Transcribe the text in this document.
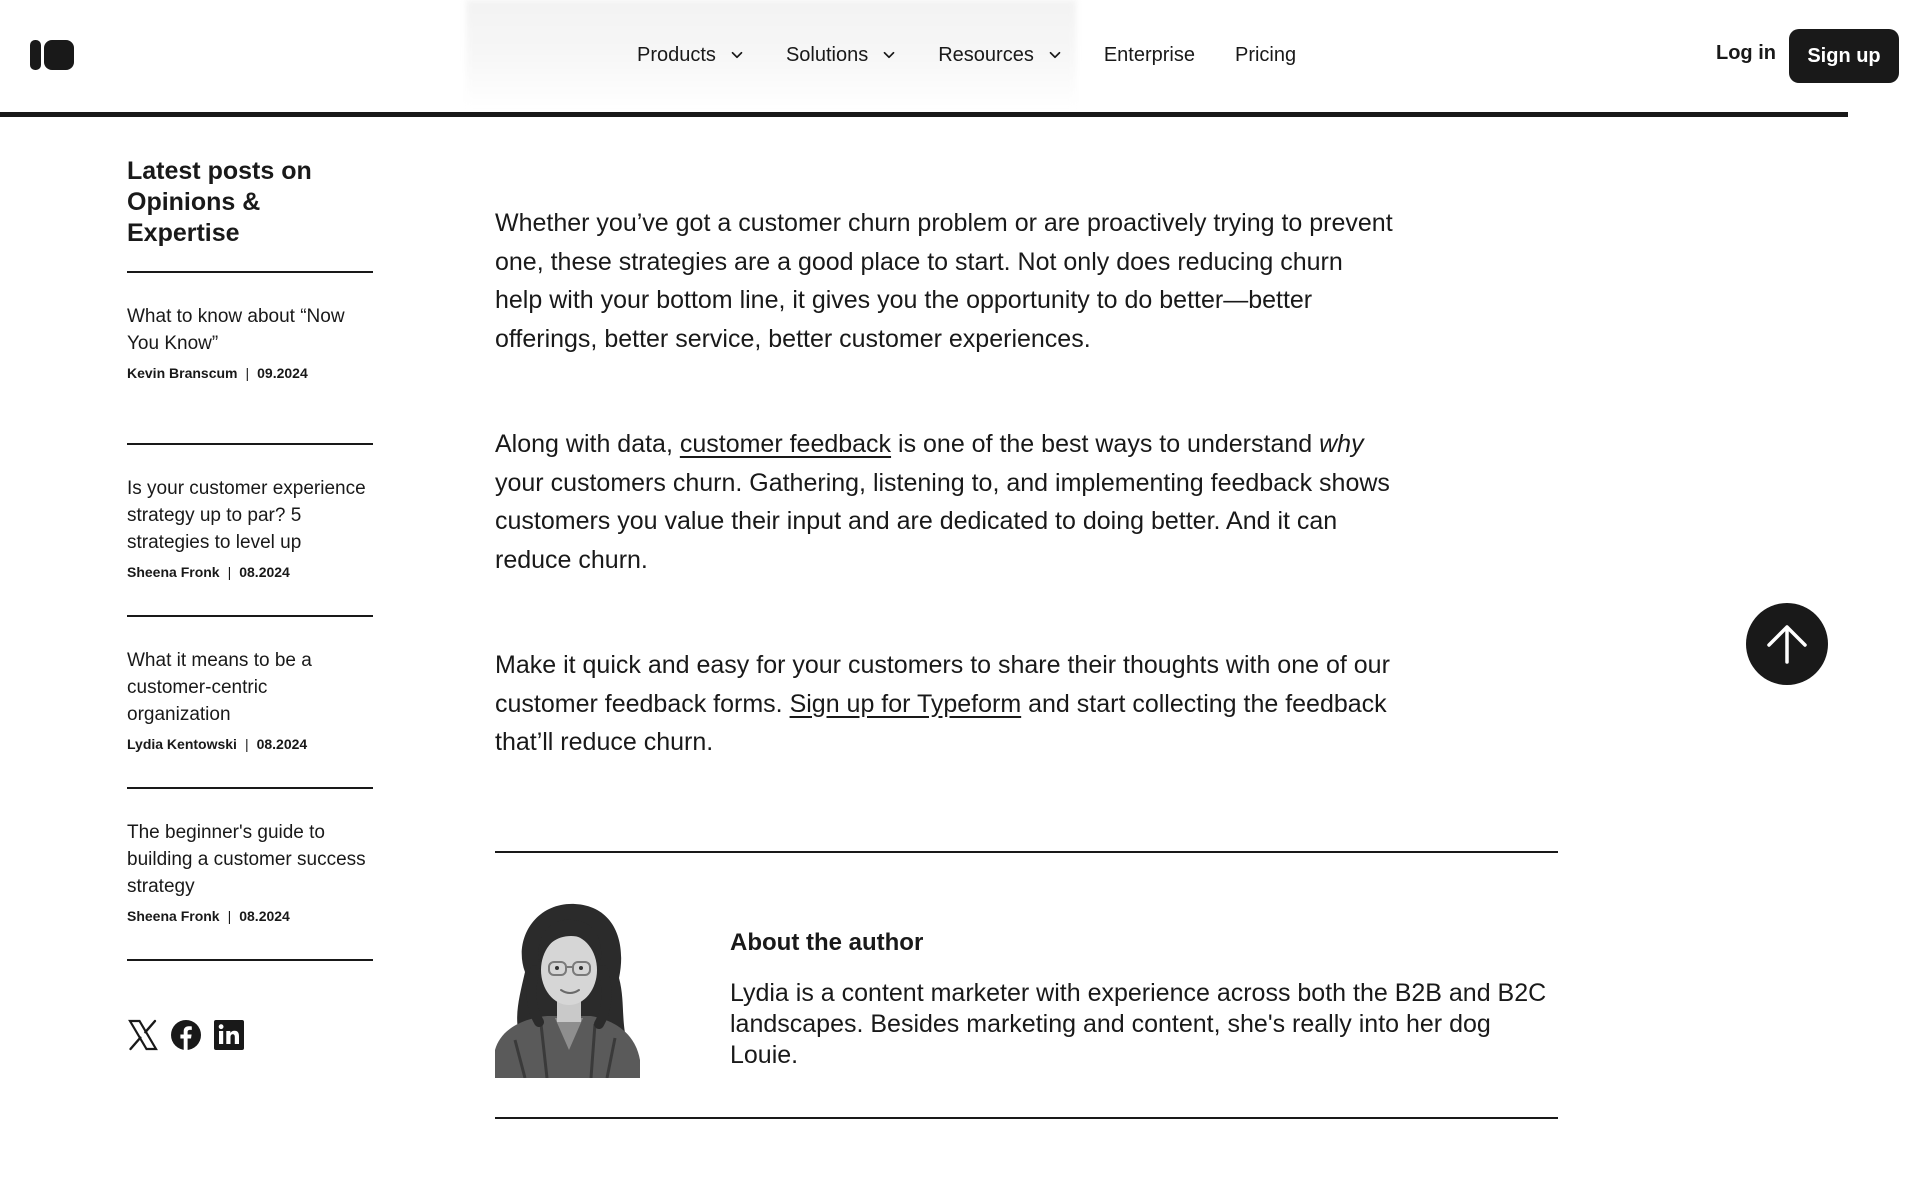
Products	Solutions	Resources	Enterprise Pricing	Log in	Sign up
Latest posts on Opinions & Expertise

What to know about “Now You Know”

Kevin Branscum | 09.2024

Is your customer experience strategy up to par? 5 strategies to level up

Sheena Fronk | 08.2024

What it means to be a customer-centric organization

Lydia Kentowski | 08.2024

The beginner's guide to building a customer success strategy

Sheena Fronk | 08.2024

Whether you’ve got a customer churn problem or are proactively trying to prevent one, these strategies are a good place to start. Not only does reducing churn help with your bottom line, it gives you the opportunity to do better—better offerings, better service, better customer experiences.

Along with data, customer feedback is one of the best ways to understand why your customers churn. Gathering, listening to, and implementing feedback shows customers you value their input and are dedicated to doing better. And it can reduce churn.

Make it quick and easy for your customers to share their thoughts with one of our customer feedback forms. Sign up for Typeform and start collecting the feedback that’ll reduce churn.

About the author
Lydia is a content marketer with experience across both the B2B and B2C landscapes. Besides marketing and content, she's really into her dog Louie.
